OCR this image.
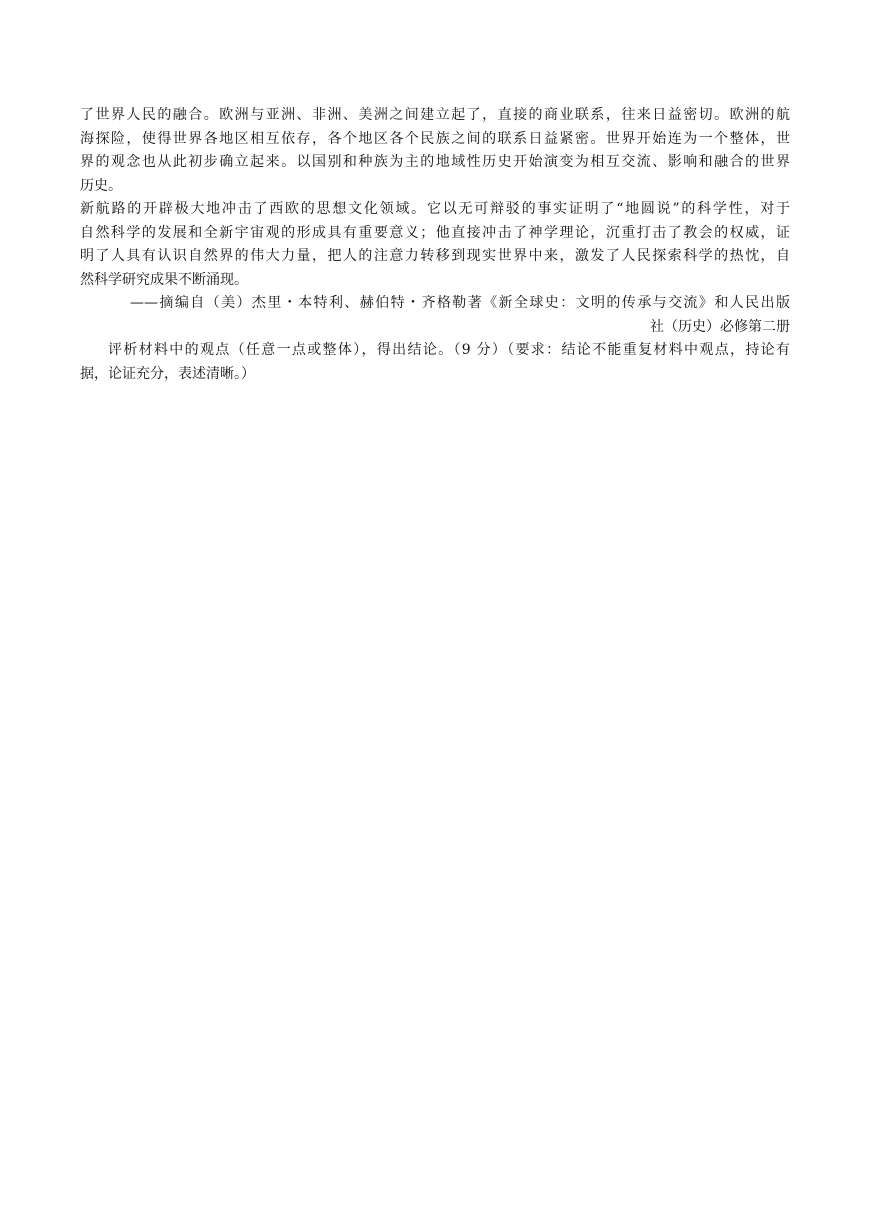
了世界人民的融合。欧洲与亚洲、非洲、美洲之间建立起了，直接的商业联系，往来日益密切。欧洲的航
海探险，使得世界各地区相互依存，各个地区各个民族之间的联系日益紧密。世界开始连为一个整体，世
界的观念也从此初步确立起来。以国别和种族为主的地域性历史开始演变为相互交流、影响和融合的世界
历史。
新航路的开辟极大地冲击了西欧的思想文化领域。它以无可辩驳的事实证明了“地圆说”的科学性，对于
自然科学的发展和全新宇宙观的形成具有重要意义；他直接冲击了神学理论，沉重打击了教会的权威，证
明了人具有认识自然界的伟大力量，把人的注意力转移到现实世界中来，激发了人民探索科学的热忱，自
然科学研究成果不断涌现。
——摘编自（美）杰里・本特利、赫伯特・齐格勒著《新全球史：文明的传承与交流》和人民出版
社（历史）必修第二册
评析材料中的观点（任意一点或整体），得出结论。（9 分）（要求：结论不能重复材料中观点，持论有
据，论证充分，表述清晰。）
